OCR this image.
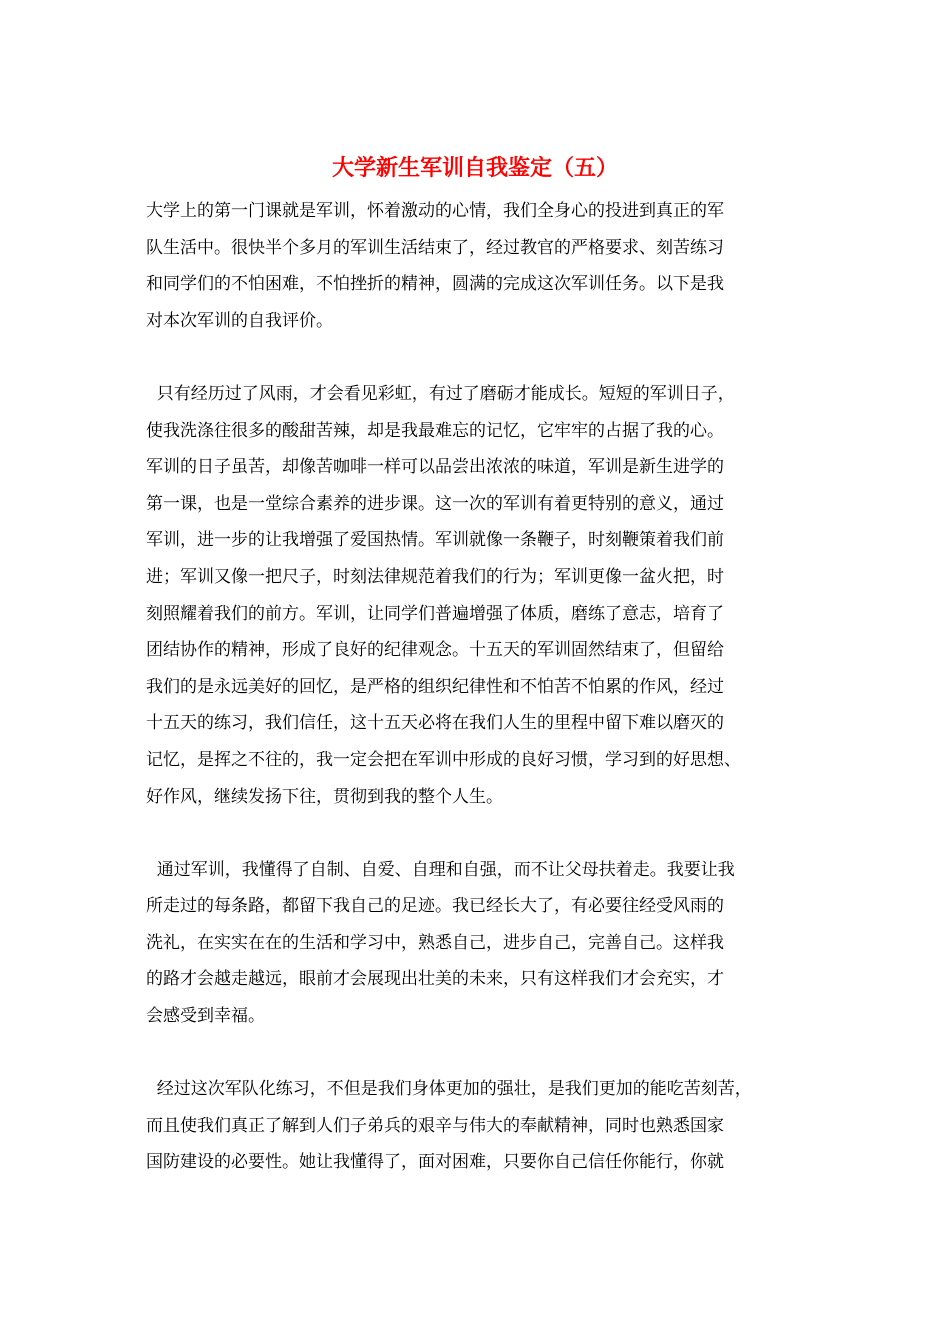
大学新生军训自我鉴定（五）
大学上的第一门课就是军训，怀着激动的心情，我们全身心的投进到真正的军
队生活中。很快半个多月的军训生活结束了，经过教官的严格要求、刻苦练习
和同学们的不怕困难，不怕挫折的精神，圆满的完成这次军训任务。以下是我
对本次军训的自我评价。
只有经历过了风雨，才会看见彩虹，有过了磨砺才能成长。短短的军训日子，
使我洗涤往很多的酸甜苦辣，却是我最难忘的记忆，它牢牢的占据了我的心。
军训的日子虽苦，却像苦咖啡一样可以品尝出浓浓的味道，军训是新生进学的
第一课，也是一堂综合素养的进步课。这一次的军训有着更特别的意义，通过
军训，进一步的让我增强了爱国热情。军训就像一条鞭子，时刻鞭策着我们前
进；军训又像一把尺子，时刻法律规范着我们的行为；军训更像一盆火把，时
刻照耀着我们的前方。军训，让同学们普遍增强了体质，磨练了意志，培育了
团结协作的精神，形成了良好的纪律观念。十五天的军训固然结束了，但留给
我们的是永远美好的回忆，是严格的组织纪律性和不怕苦不怕累的作风，经过
十五天的练习，我们信任，这十五天必将在我们人生的里程中留下难以磨灭的
记忆，是挥之不往的，我一定会把在军训中形成的良好习惯，学习到的好思想、
好作风，继续发扬下往，贯彻到我的整个人生。
通过军训，我懂得了自制、自爱、自理和自强，而不让父母扶着走。我要让我
所走过的每条路，都留下我自己的足迹。我已经长大了，有必要往经受风雨的
洗礼，在实实在在的生活和学习中，熟悉自己，进步自己，完善自己。这样我
的路才会越走越远，眼前才会展现出壮美的未来，只有这样我们才会充实，才
会感受到幸福。
经过这次军队化练习，不但是我们身体更加的强壮，是我们更加的能吃苦刻苦，
而且使我们真正了解到人们子弟兵的艰辛与伟大的奉献精神，同时也熟悉国家
国防建设的必要性。她让我懂得了，面对困难，只要你自己信任你能行，你就
